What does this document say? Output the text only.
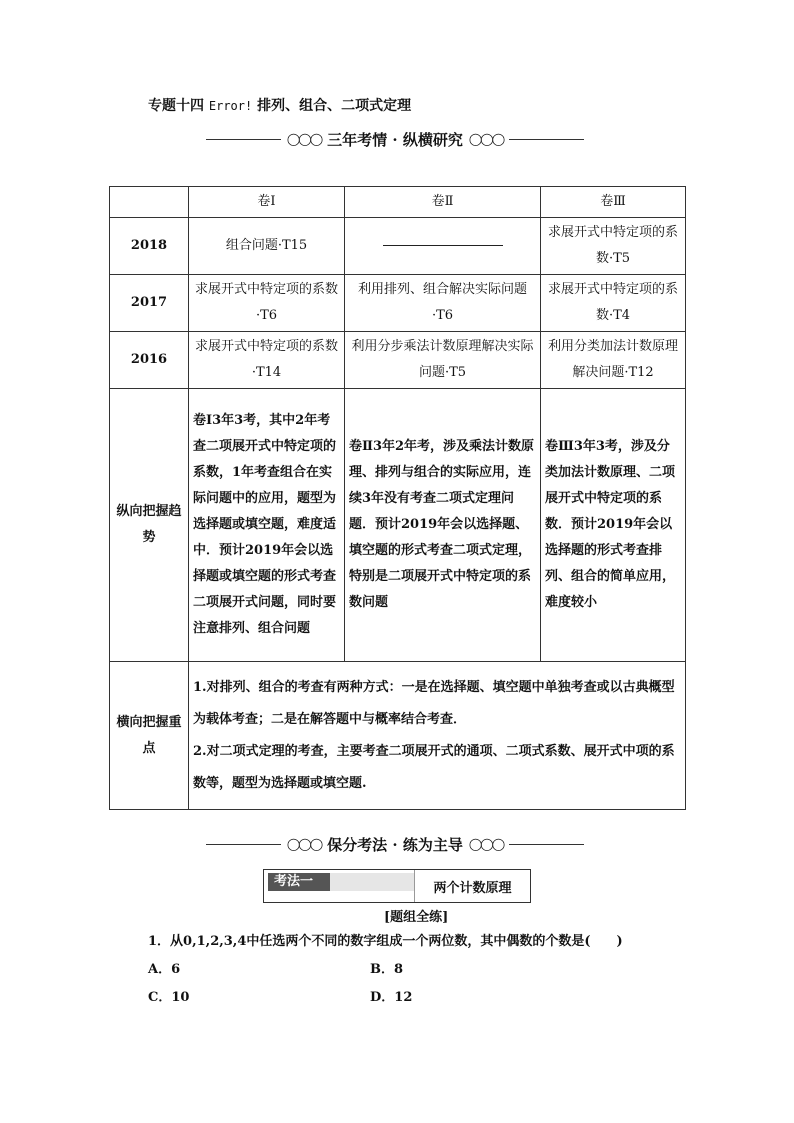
专题十四 Error! 排列、组合、二项式定理
◯◯◯ 三年考情 · 纵横研究 ◯◯◯
	卷Ⅰ	卷Ⅱ	卷Ⅲ
2018	组合问题·T15		求展开式中特定项的系数·T5
2017	求展开式中特定项的系数·T6	利用排列、组合解决实际问题·T6	求展开式中特定项的系数·T4
2016	求展开式中特定项的系数·T14	利用分步乘法计数原理解决实际问题·T5	利用分类加法计数原理解决问题·T12
纵向把握趋势	卷Ⅰ3年3考，其中2年考查二项展开式中特定项的系数，1年考查组合在实际问题中的应用，题型为选择题或填空题，难度适中．预计2019年会以选择题或填空题的形式考查二项展开式问题，同时要注意排列、组合问题	卷Ⅱ3年2年考，涉及乘法计数原理、排列与组合的实际应用，连续3年没有考查二项式定理问题．预计2019年会以选择题、填空题的形式考查二项式定理，特别是二项展开式中特定项的系数问题	卷Ⅲ3年3考，涉及分类加法计数原理、二项展开式中特定项的系数．预计2019年会以选择题的形式考查排列、组合的简单应用，难度较小
横向把握重点	1.对排列、组合的考查有两种方式：一是在选择题、填空题中单独考查或以古典概型为载体考查；二是在解答题中与概率结合考查．
2.对二项式定理的考查，主要考查二项展开式的通项、二项式系数、展开式中项的系数等，题型为选择题或填空题.		
◯◯◯ 保分考法 · 练为主导 ◯◯◯
考法一	两个计数原理
[题组全练]
1．从0,1,2,3,4中任选两个不同的数字组成一个两位数，其中偶数的个数是(　　)
A．6	B．8
C．10	D．12
